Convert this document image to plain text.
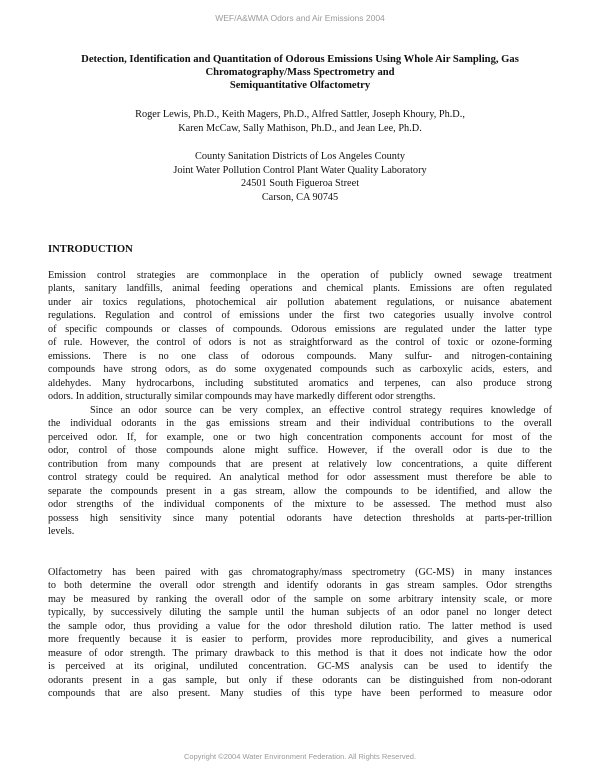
WEF/A&WMA Odors and Air Emissions 2004
Detection, Identification and Quantitation of Odorous Emissions Using Whole Air Sampling, Gas
Chromatography/Mass Spectrometry and
Semiquantitative Olfactometry
Roger Lewis, Ph.D., Keith Magers, Ph.D., Alfred Sattler, Joseph Khoury, Ph.D.,
Karen McCaw, Sally Mathison, Ph.D., and Jean Lee, Ph.D.
County Sanitation Districts of Los Angeles County
Joint Water Pollution Control Plant Water Quality Laboratory
24501 South Figueroa Street
Carson, CA 90745
INTRODUCTION
Emission control strategies are commonplace in the operation of publicly owned sewage treatment
plants, sanitary landfills, animal feeding operations and chemical plants. Emissions are often regulated
under air toxics regulations, photochemical air pollution abatement regulations, or nuisance abatement
regulations. Regulation and control of emissions under the first two categories usually involve control
of specific compounds or classes of compounds. Odorous emissions are regulated under the latter type
of rule. However, the control of odors is not as straightforward as the control of toxic or ozone-forming
emissions. There is no one class of odorous compounds. Many sulfur- and nitrogen-containing
compounds have strong odors, as do some oxygenated compounds such as carboxylic acids, esters, and
aldehydes. Many hydrocarbons, including substituted aromatics and terpenes, can also produce strong
odors. In addition, structurally similar compounds may have markedly different odor strengths.
Since an odor source can be very complex, an effective control strategy requires knowledge of
the individual odorants in the gas emissions stream and their individual contributions to the overall
perceived odor. If, for example, one or two high concentration components account for most of the
odor, control of those compounds alone might suffice. However, if the overall odor is due to the
contribution from many compounds that are present at relatively low concentrations, a quite different
control strategy could be required. An analytical method for odor assessment must therefore be able to
separate the compounds present in a gas stream, allow the compounds to be identified, and allow the
odor strengths of the individual components of the mixture to be assessed. The method must also
possess high sensitivity since many potential odorants have detection thresholds at parts-per-trillion
levels.
Olfactometry has been paired with gas chromatography/mass spectrometry (GC-MS) in many instances
to both determine the overall odor strength and identify odorants in gas stream samples. Odor strengths
may be measured by ranking the overall odor of the sample on some arbitrary intensity scale, or more
typically, by successively diluting the sample until the human subjects of an odor panel no longer detect
the sample odor, thus providing a value for the odor threshold dilution ratio. The latter method is used
more frequently because it is easier to perform, provides more reproducibility, and gives a numerical
measure of odor strength. The primary drawback to this method is that it does not indicate how the odor
is perceived at its original, undiluted concentration. GC-MS analysis can be used to identify the
odorants present in a gas sample, but only if these odorants can be distinguished from non-odorant
compounds that are also present. Many studies of this type have been performed to measure odor
Copyright ©2004 Water Environment Federation. All Rights Reserved.
